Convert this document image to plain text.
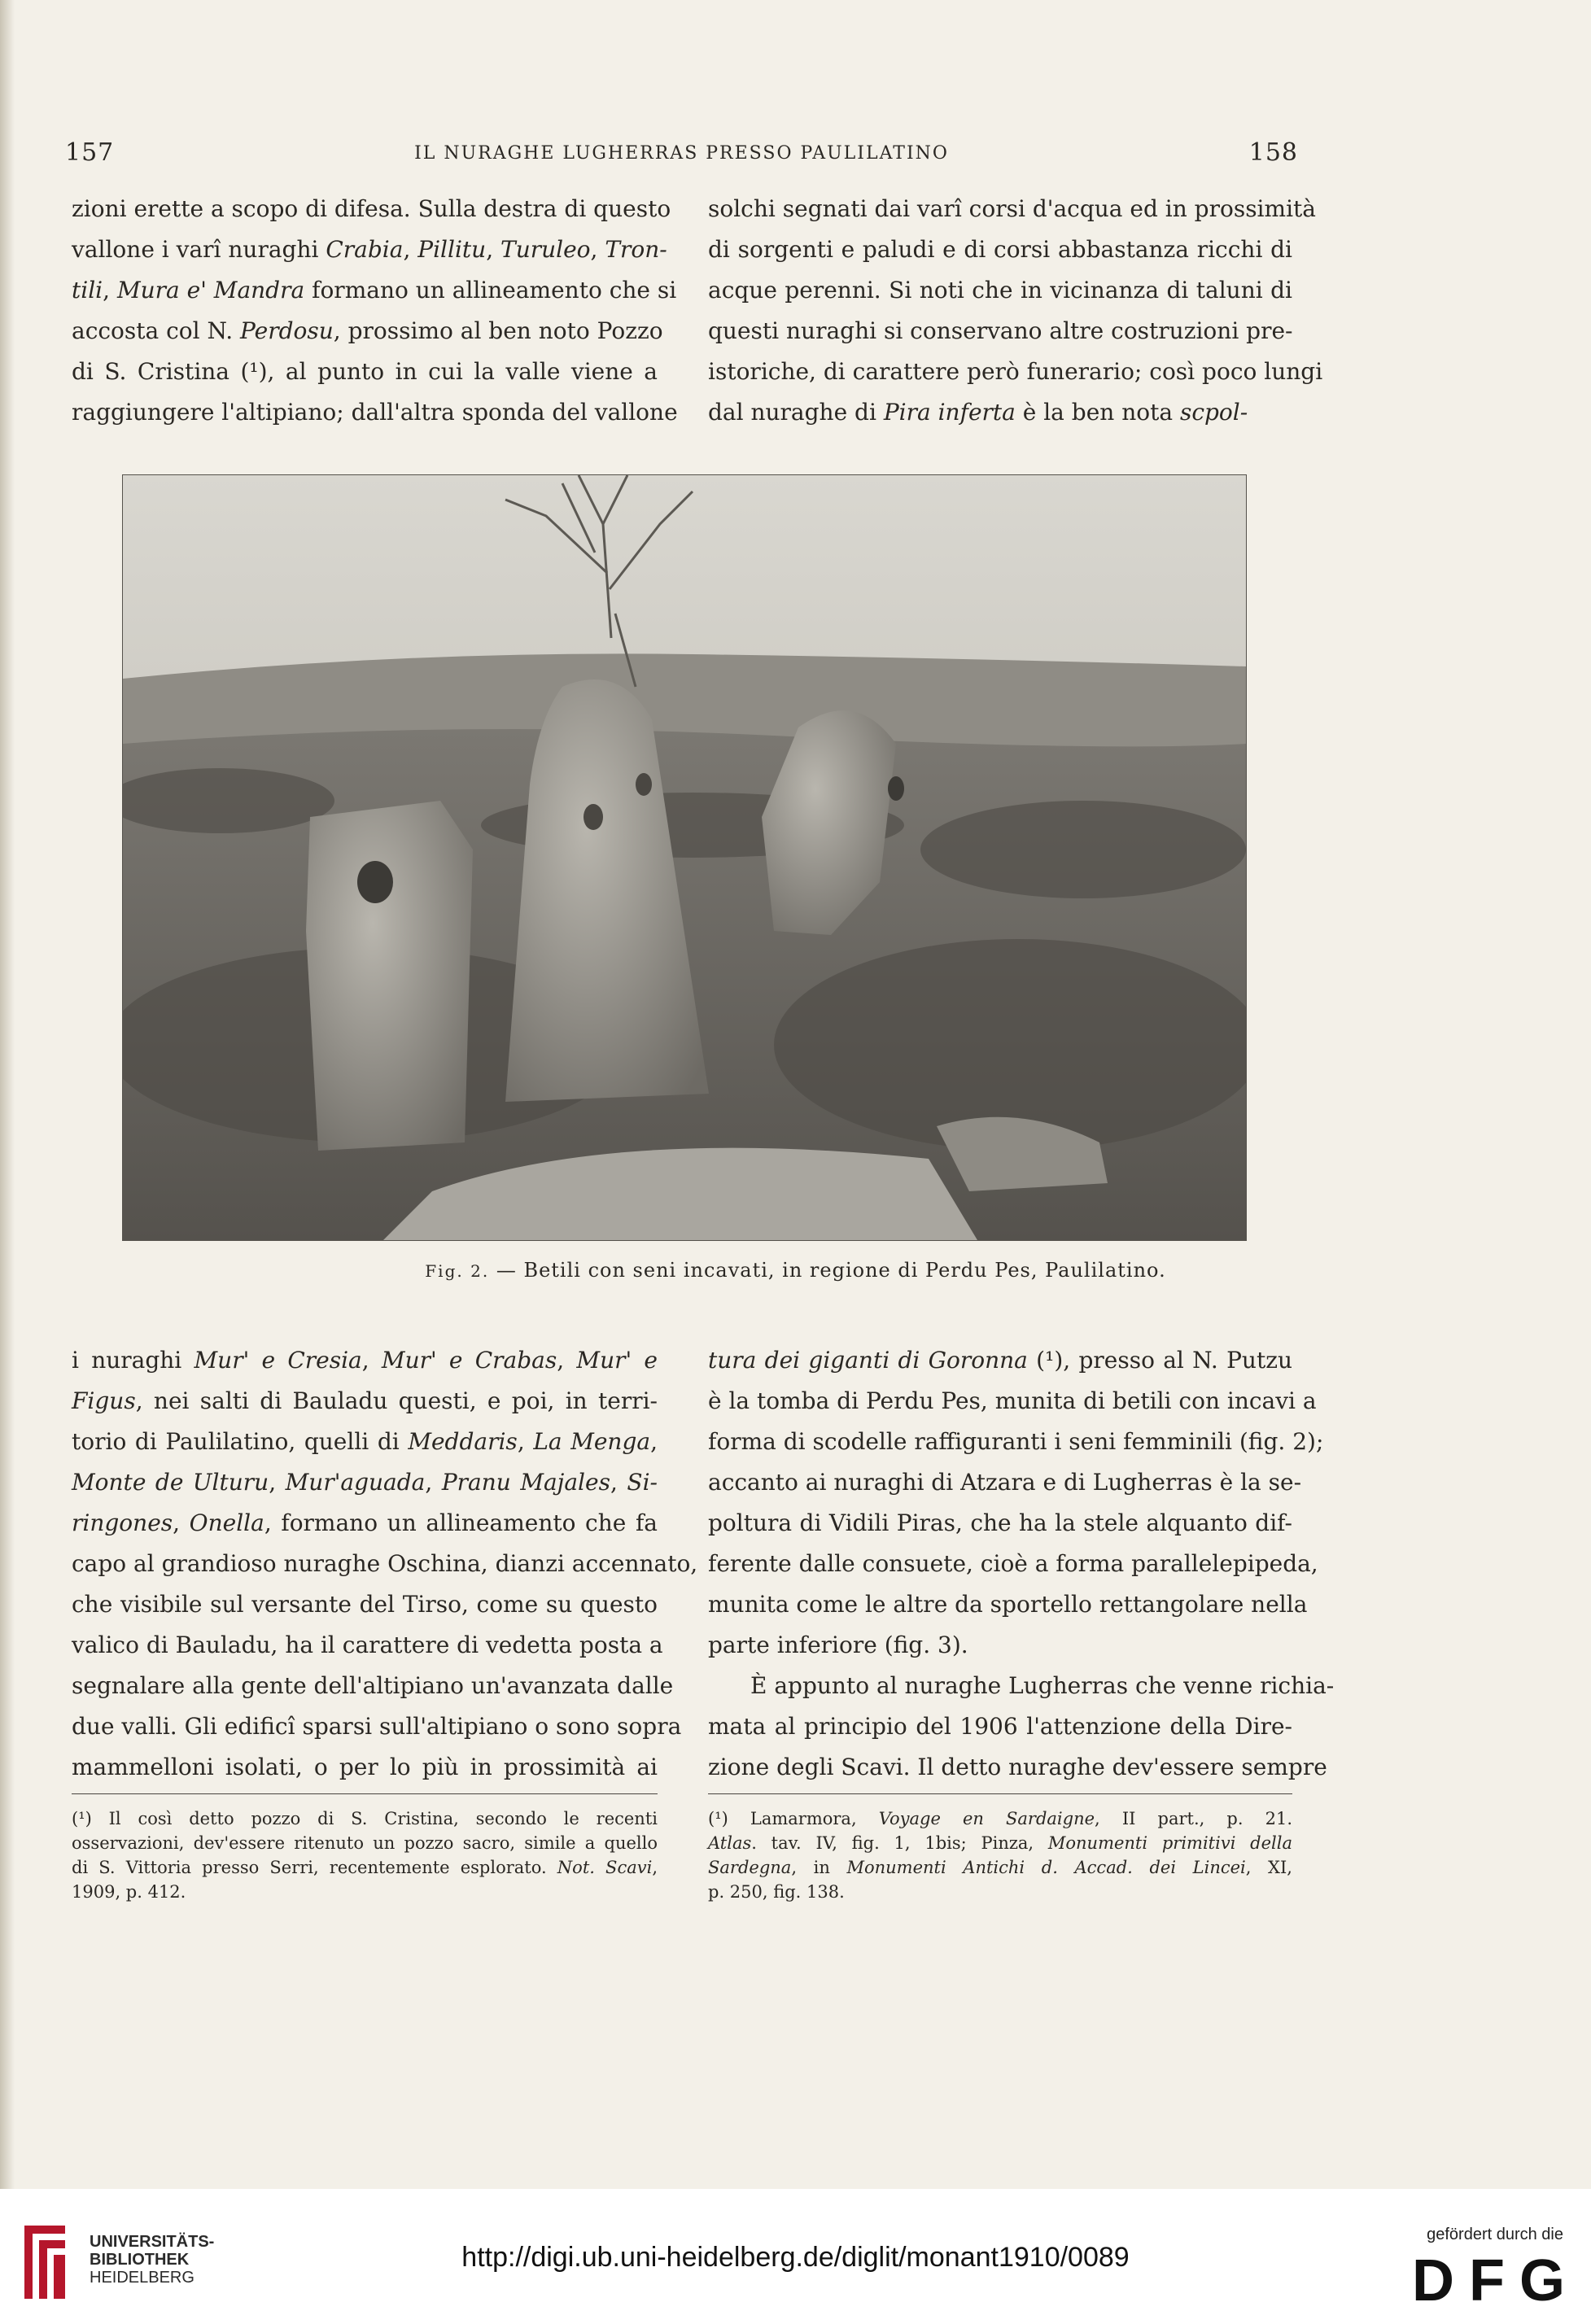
157	IL NURAGHE LUGHERRAS PRESSO PAULILATINO	158
zioni erette a scopo di difesa. Sulla destra di questo
vallone i varî nuraghi Crabia, Pillitu, Turuleo, Tron-
tili, Mura e' Mandra formano un allineamento che si
accosta col N. Perdosu, prossimo al ben noto Pozzo
di S. Cristina (¹), al punto in cui la valle viene a
raggiungere l'altipiano; dall'altra sponda del vallone
solchi segnati dai varî corsi d'acqua ed in prossimità
di sorgenti e paludi e di corsi abbastanza ricchi di
acque perenni. Si noti che in vicinanza di taluni di
questi nuraghi si conservano altre costruzioni pre-
istoriche, di carattere però funerario; così poco lungi
dal nuraghe di Pira inferta è la ben nota scpol-
Fig. 2. — Betili con seni incavati, in regione di Perdu Pes, Paulilatino.
i nuraghi Mur' e Cresia, Mur' e Crabas, Mur' e
Figus, nei salti di Bauladu questi, e poi, in terri-
torio di Paulilatino, quelli di Meddaris, La Menga,
Monte de Ulturu, Mur'aguada, Pranu Majales, Si-
ringones, Onella, formano un allineamento che fa
capo al grandioso nuraghe Oschina, dianzi accennato,
che visibile sul versante del Tirso, come su questo
valico di Bauladu, ha il carattere di vedetta posta a
segnalare alla gente dell'altipiano un'avanzata dalle
due valli. Gli edificî sparsi sull'altipiano o sono sopra
mammelloni isolati, o per lo più in prossimità ai
tura dei giganti di Goronna (¹), presso al N. Putzu
è la tomba di Perdu Pes, munita di betili con incavi a
forma di scodelle raffiguranti i seni femminili (fig. 2);
accanto ai nuraghi di Atzara e di Lugherras è la se-
poltura di Vidili Piras, che ha la stele alquanto dif-
ferente dalle consuete, cioè a forma parallelepipeda,
munita come le altre da sportello rettangolare nella
parte inferiore (fig. 3).
È appunto al nuraghe Lugherras che venne richia-
mata al principio del 1906 l'attenzione della Dire-
zione degli Scavi. Il detto nuraghe dev'essere sempre
(¹) Il così detto pozzo di S. Cristina, secondo le recenti
osservazioni, dev'essere ritenuto un pozzo sacro, simile a quello
di S. Vittoria presso Serri, recentemente esplorato. Not. Scavi,
1909, p. 412.
(¹) Lamarmora, Voyage en Sardaigne, II part., p. 21.
Atlas. tav. IV, fig. 1, 1bis; Pinza, Monumenti primitivi della
Sardegna, in Monumenti Antichi d. Accad. dei Lincei, XI,
p. 250, fig. 138.
UNIVERSITÄTS-
BIBLIOTHEK
HEIDELBERG
http://digi.ub.uni-heidelberg.de/diglit/monant1910/0089
gefördert durch die
DFG
